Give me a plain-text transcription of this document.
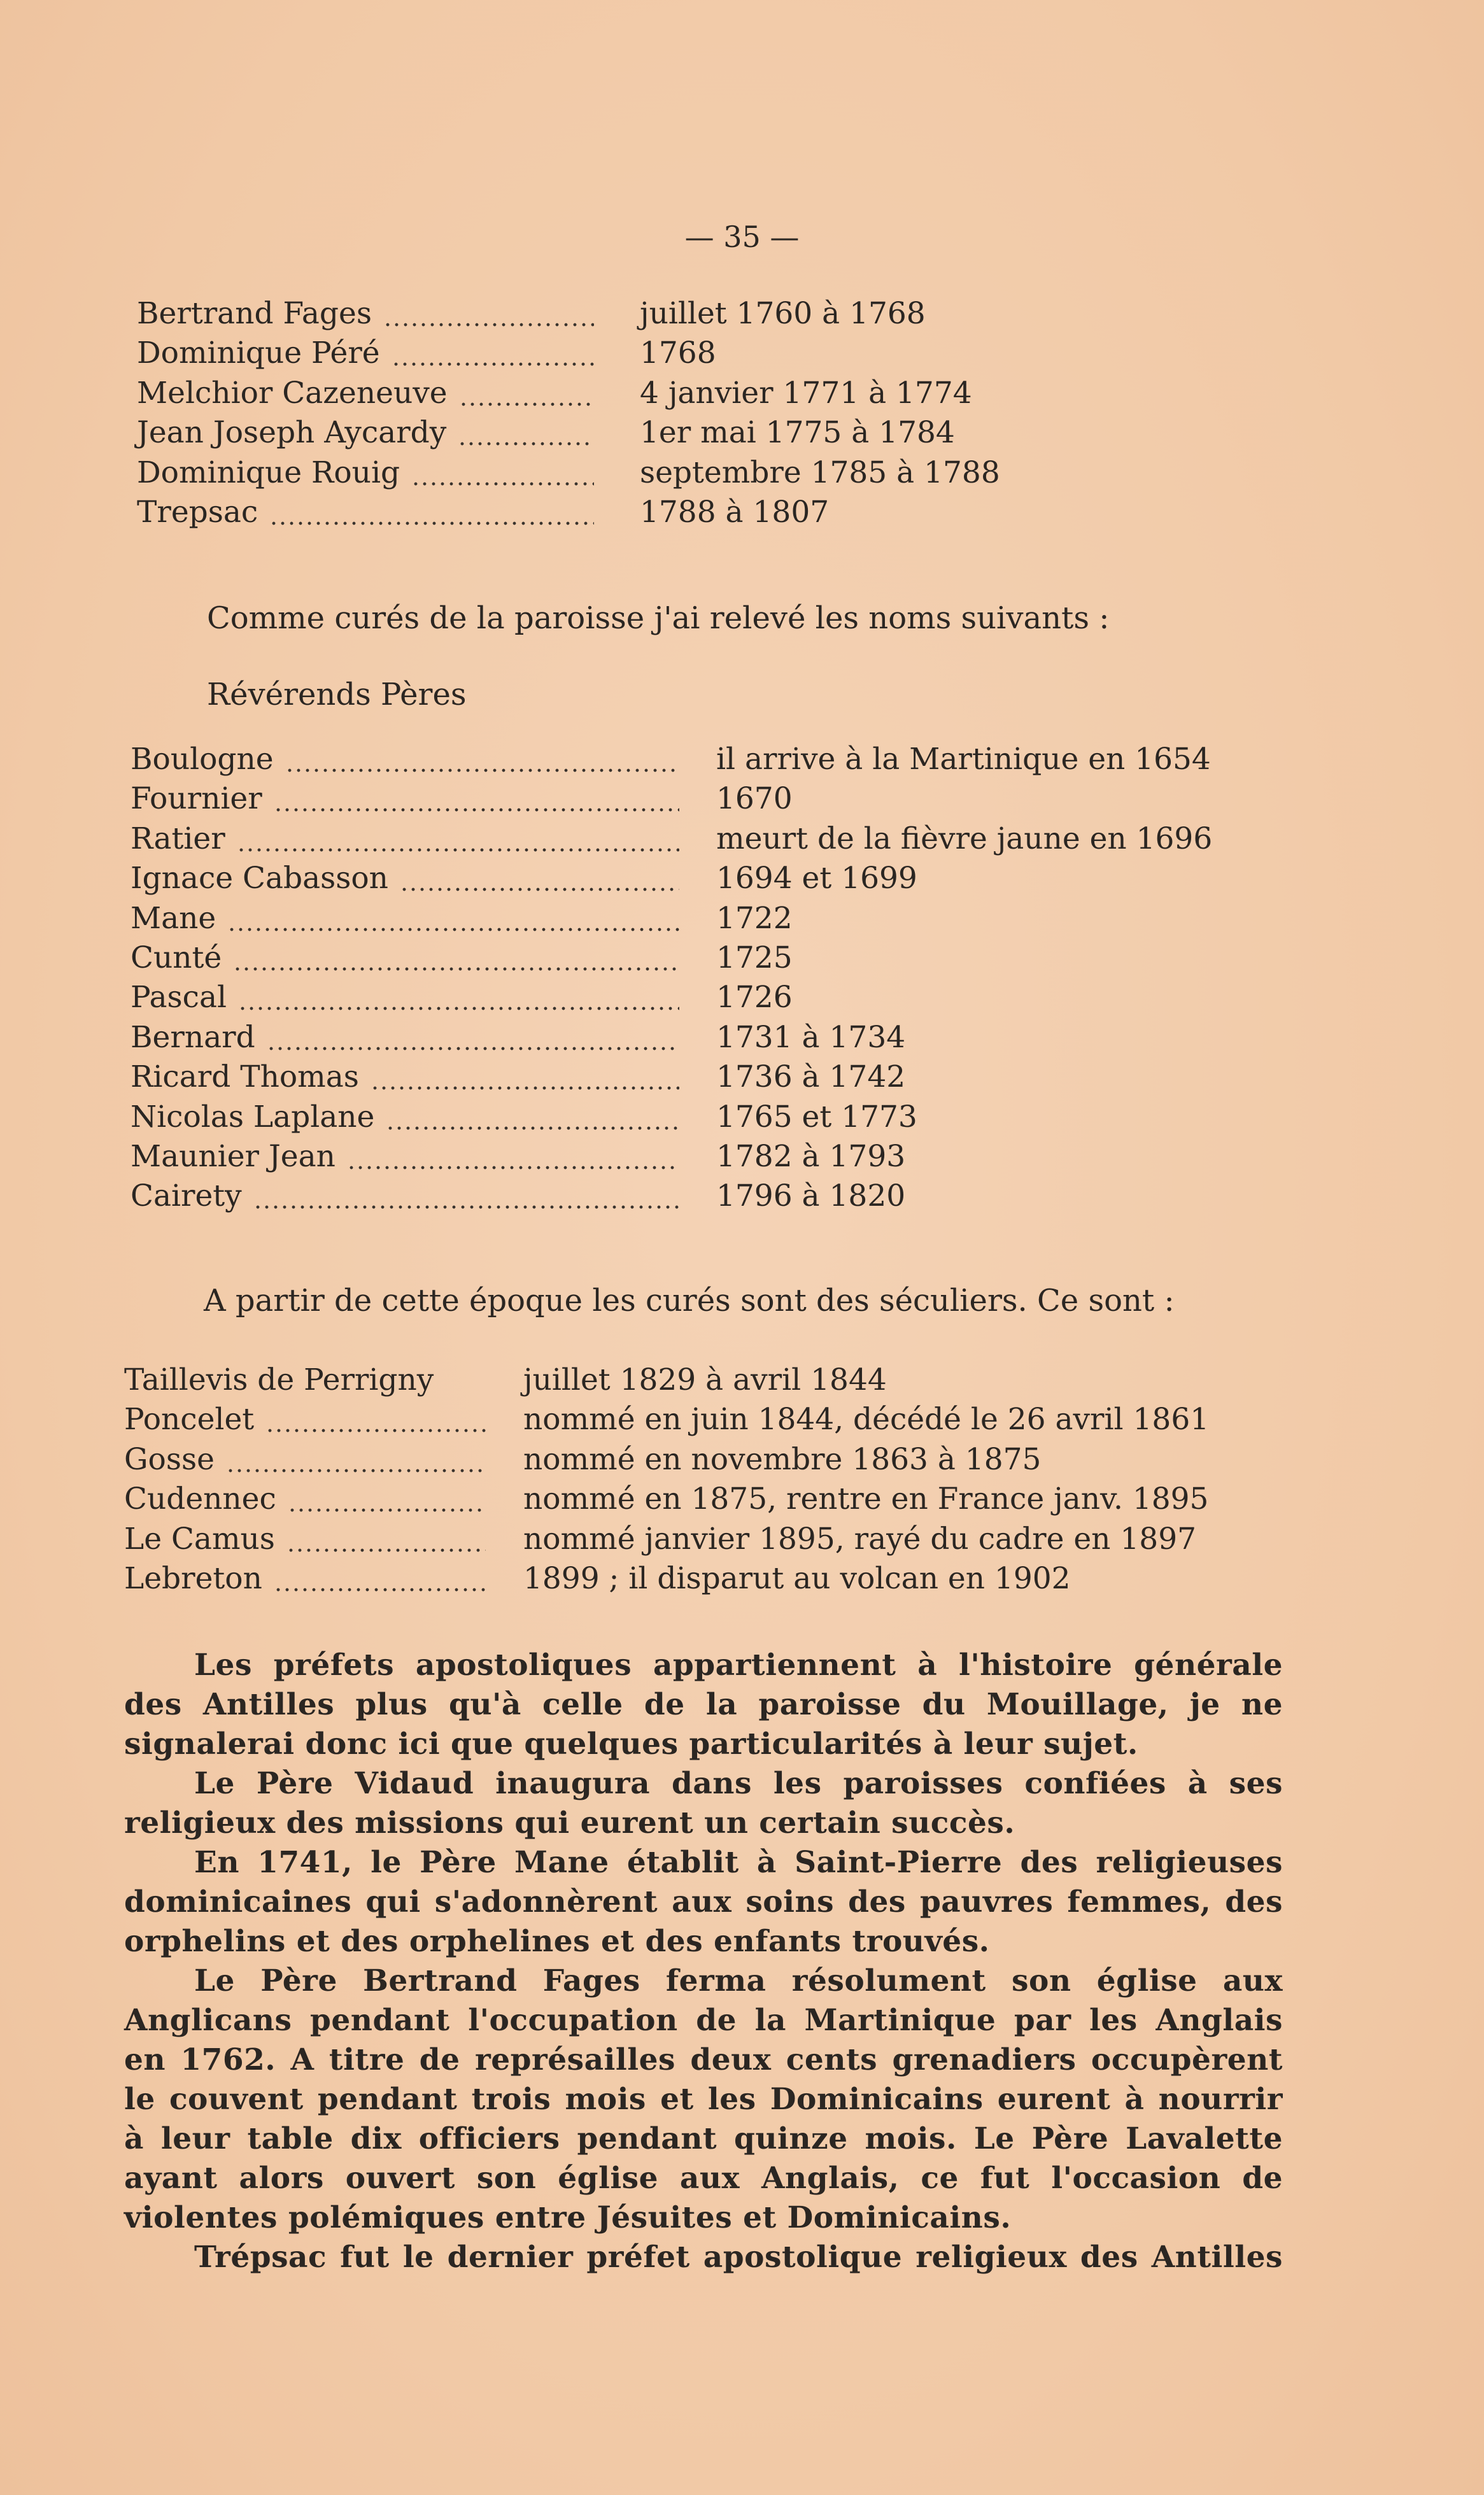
— 35 —
Bertrand Fages	juillet 1760 à 1768
Dominique Péré	1768
Melchior Cazeneuve	4 janvier 1771 à 1774
Jean Joseph Aycardy	1er mai 1775 à 1784
Dominique Rouig	septembre 1785 à 1788
Trepsac	1788 à 1807
Comme curés de la paroisse j'ai relevé les noms suivants :
Révérends Pères
Boulogne	il arrive à la Martinique en 1654
Fournier	1670
Ratier	meurt de la fièvre jaune en 1696
Ignace Cabasson	1694 et 1699
Mane	1722
Cunté	1725
Pascal	1726
Bernard	1731 à 1734
Ricard Thomas	1736 à 1742
Nicolas Laplane	1765 et 1773
Maunier Jean	1782 à 1793
Cairety	1796 à 1820
A partir de cette époque les curés sont des séculiers. Ce sont :
Taillevis de Perrigny	juillet 1829 à avril 1844
Poncelet	nommé en juin 1844, décédé le 26 avril 1861
Gosse	nommé en novembre 1863 à 1875
Cudennec	nommé en 1875, rentre en France janv. 1895
Le Camus	nommé janvier 1895, rayé du cadre en 1897
Lebreton	1899 ; il disparut au volcan en 1902
Les préfets apostoliques appartiennent à l'histoire générale
des Antilles plus qu'à celle de la paroisse du Mouillage, je ne
signalerai donc ici que quelques particularités à leur sujet.
Le Père Vidaud inaugura dans les paroisses confiées à ses
religieux des missions qui eurent un certain succès.
En 1741, le Père Mane établit à Saint-Pierre des religieuses
dominicaines qui s'adonnèrent aux soins des pauvres femmes, des
orphelins et des orphelines et des enfants trouvés.
Le Père Bertrand Fages ferma résolument son église aux
Anglicans pendant l'occupation de la Martinique par les Anglais
en 1762. A titre de représailles deux cents grenadiers occupèrent
le couvent pendant trois mois et les Dominicains eurent à nourrir
à leur table dix officiers pendant quinze mois. Le Père Lavalette
ayant alors ouvert son église aux Anglais, ce fut l'occasion de
violentes polémiques entre Jésuites et Dominicains.
Trépsac fut le dernier préfet apostolique religieux des Antilles
